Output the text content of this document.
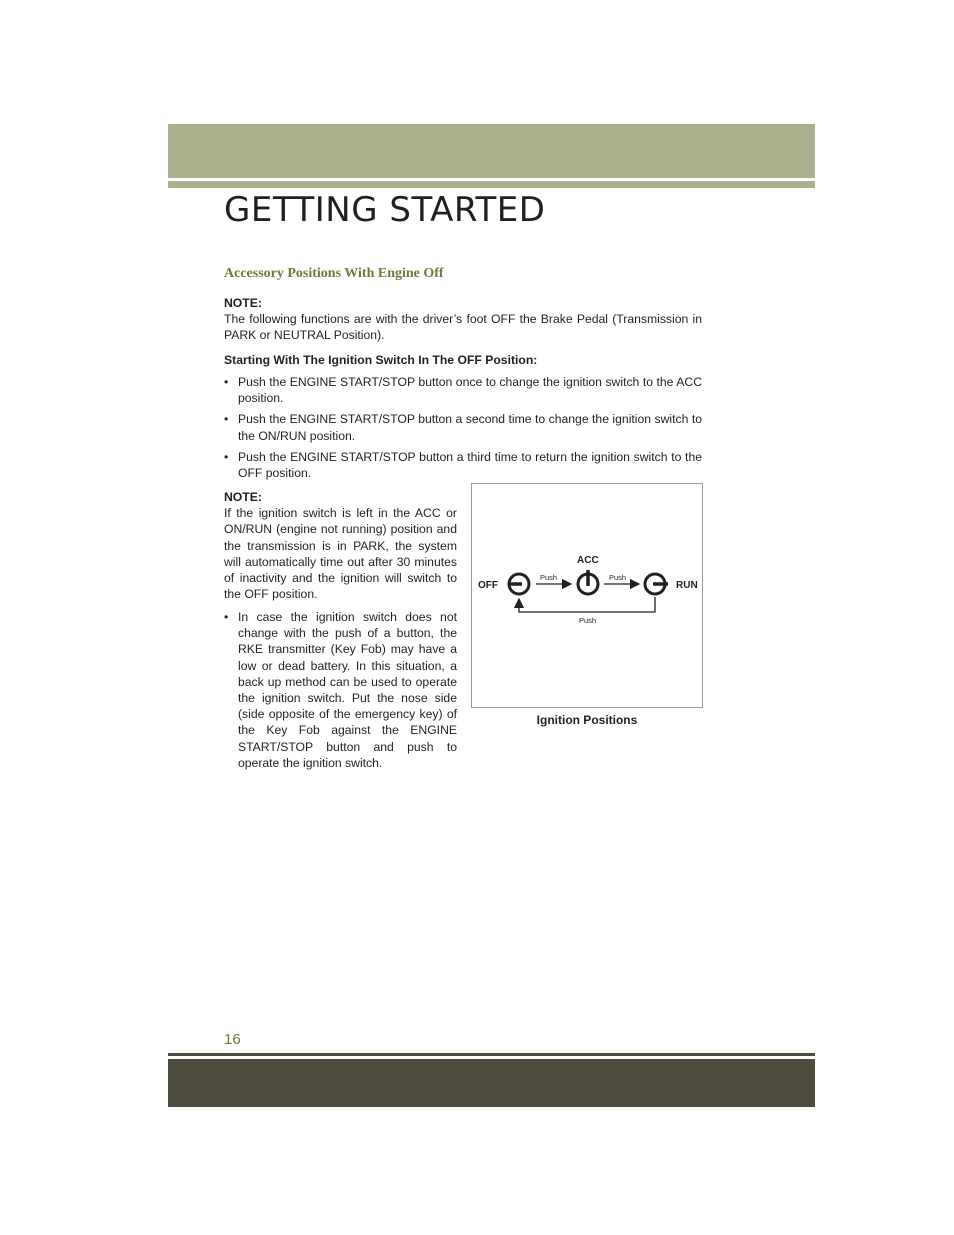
GETTING STARTED
Accessory Positions With Engine Off

NOTE:

The following functions are with the driver’s foot OFF the Brake Pedal (Transmission in PARK or NEUTRAL Position).

Starting With The Ignition Switch In The OFF Position:
• Push the ENGINE START/STOP button once to change the ignition switch to the ACC position.
• Push the ENGINE START/STOP button a second time to change the ignition switch to the ON/RUN position.
• Push the ENGINE START/STOP button a third time to return the ignition switch to the OFF position.

NOTE:

If the ignition switch is left in the ACC or ON/RUN (engine not running) position and the transmission is in PARK, the system will automatically time out after 30 minutes of inactivity and the ignition will switch to the OFF position.

• In case the ignition switch does not change with the push of a button, the RKE transmitter (Key Fob) may have a low or dead battery. In this situation, a back up method can be used to operate the ignition switch. Put the nose side (side opposite of the emergency key) of the Key Fob against the ENGINE START/STOP button and push to operate the ignition switch.
OFF
ACC
RUN
Push	Push
Push
Ignition Positions
16
